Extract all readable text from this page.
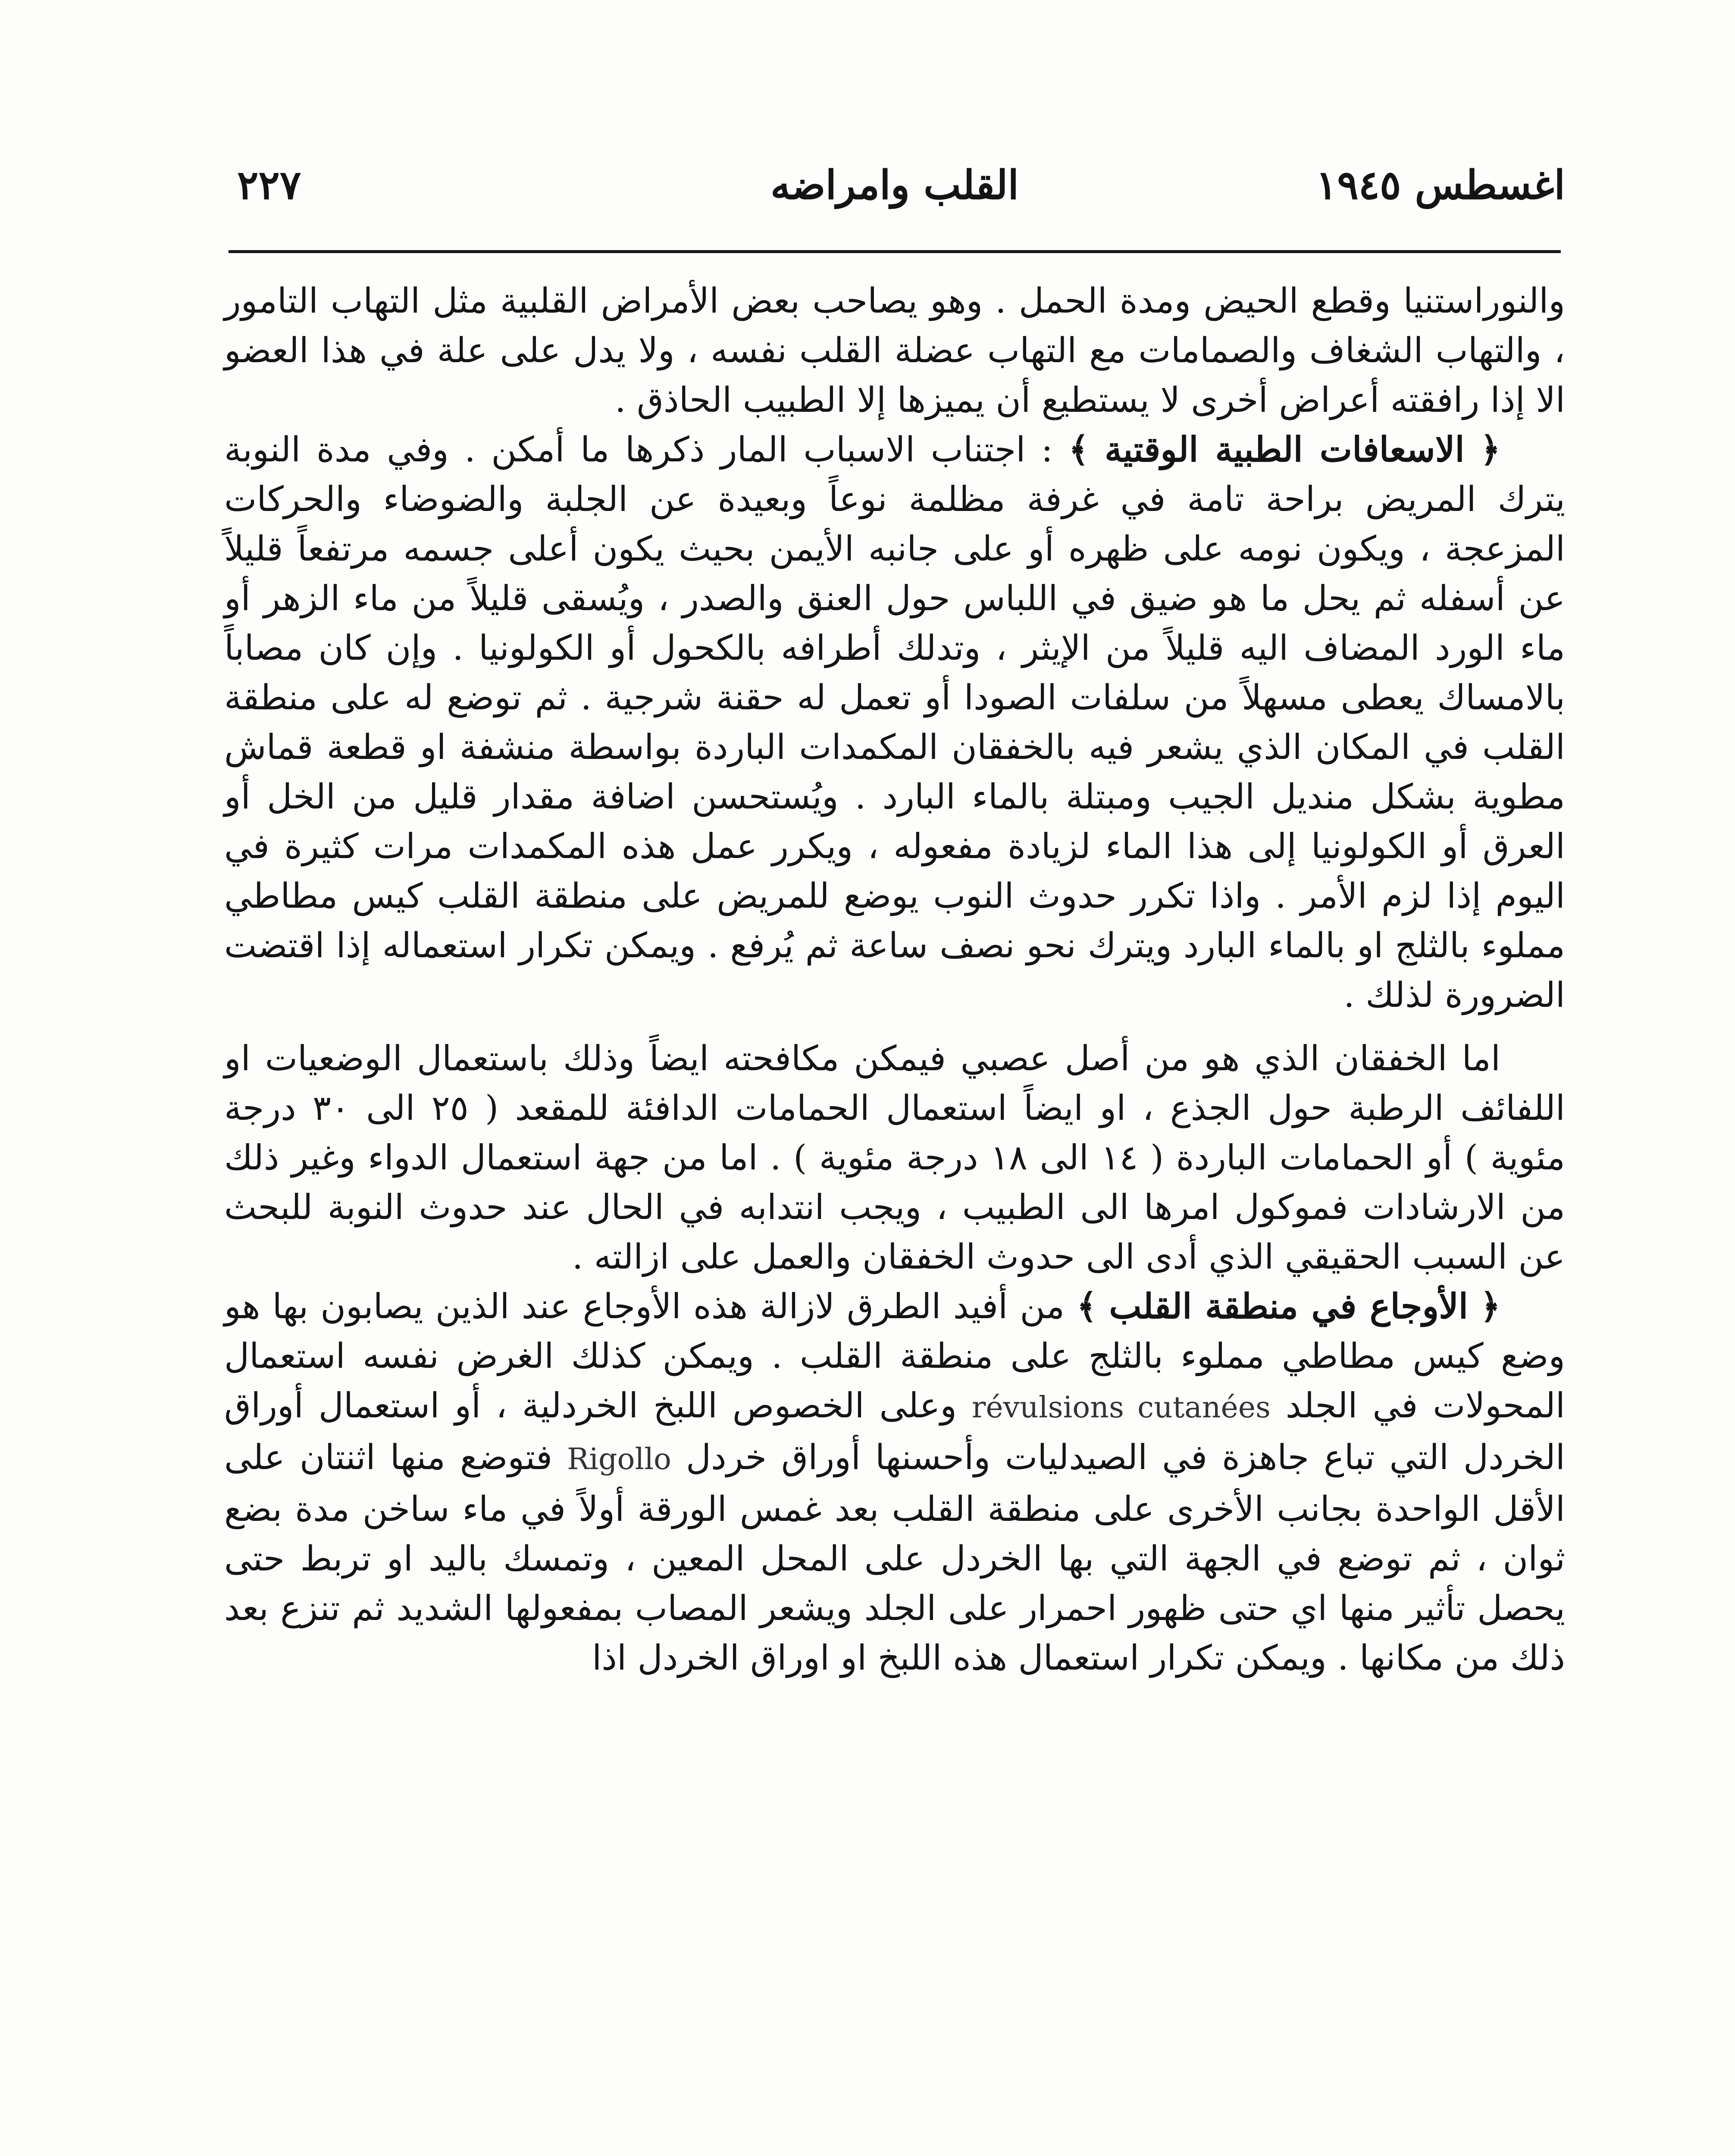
اغسطس ١٩٤٥
القلب وامراضه
٢٢٧

والنوراستنيا وقطع الحيض ومدة الحمل . وهو يصاحب بعض الأمراض القلبية مثل التهاب التامور ، والتهاب الشغاف والصمامات مع التهاب عضلة القلب نفسه ، ولا يدل على علة في هذا العضو الا إذا رافقته أعراض أخرى لا يستطيع أن يميزها إلا الطبيب الحاذق .

﴿ الاسعافات الطبية الوقتية ﴾ : اجتناب الاسباب المار ذكرها ما أمكن . وفي مدة النوبة يترك المريض براحة تامة في غرفة مظلمة نوعاً وبعيدة عن الجلبة والضوضاء والحركات المزعجة ، ويكون نومه على ظهره أو على جانبه الأيمن بحيث يكون أعلى جسمه مرتفعاً قليلاً عن أسفله ثم يحل ما هو ضيق في اللباس حول العنق والصدر ، ويُسقى قليلاً من ماء الزهر أو ماء الورد المضاف اليه قليلاً من الإيثر ، وتدلك أطرافه بالكحول أو الكولونيا . وإن كان مصاباً بالامساك يعطى مسهلاً من سلفات الصودا أو تعمل له حقنة شرجية . ثم توضع له على منطقة القلب في المكان الذي يشعر فيه بالخفقان المكمدات الباردة بواسطة منشفة او قطعة قماش مطوية بشكل منديل الجيب ومبتلة بالماء البارد . ويُستحسن اضافة مقدار قليل من الخل أو العرق أو الكولونيا إلى هذا الماء لزيادة مفعوله ، ويكرر عمل هذه المكمدات مرات كثيرة في اليوم إذا لزم الأمر . واذا تكرر حدوث النوب يوضع للمريض على منطقة القلب كيس مطاطي مملوء بالثلج او بالماء البارد ويترك نحو نصف ساعة ثم يُرفع . ويمكن تكرار استعماله إذا اقتضت الضرورة لذلك .

اما الخفقان الذي هو من أصل عصبي فيمكن مكافحته ايضاً وذلك باستعمال الوضعيات او اللفائف الرطبة حول الجذع ، او ايضاً استعمال الحمامات الدافئة للمقعد ( ٢٥ الى ٣٠ درجة مئوية ) أو الحمامات الباردة ( ١٤ الى ١٨ درجة مئوية ) . اما من جهة استعمال الدواء وغير ذلك من الارشادات فموكول امرها الى الطبيب ، ويجب انتدابه في الحال عند حدوث النوبة للبحث عن السبب الحقيقي الذي أدى الى حدوث الخفقان والعمل على ازالته .

﴿ الأوجاع في منطقة القلب ﴾ من أفيد الطرق لازالة هذه الأوجاع عند الذين يصابون بها هو وضع كيس مطاطي مملوء بالثلج على منطقة القلب . ويمكن كذلك الغرض نفسه استعمال المحولات في الجلد révulsions cutanées وعلى الخصوص اللبخ الخردلية ، أو استعمال أوراق الخردل التي تباع جاهزة في الصيدليات وأحسنها أوراق خردل Rigollo فتوضع منها اثنتان على الأقل الواحدة بجانب الأخرى على منطقة القلب بعد غمس الورقة أولاً في ماء ساخن مدة بضع ثوان ، ثم توضع في الجهة التي بها الخردل على المحل المعين ، وتمسك باليد او تربط حتى يحصل تأثير منها اي حتى ظهور احمرار على الجلد ويشعر المصاب بمفعولها الشديد ثم تنزع بعد ذلك من مكانها . ويمكن تكرار استعمال هذه اللبخ او اوراق الخردل اذا
